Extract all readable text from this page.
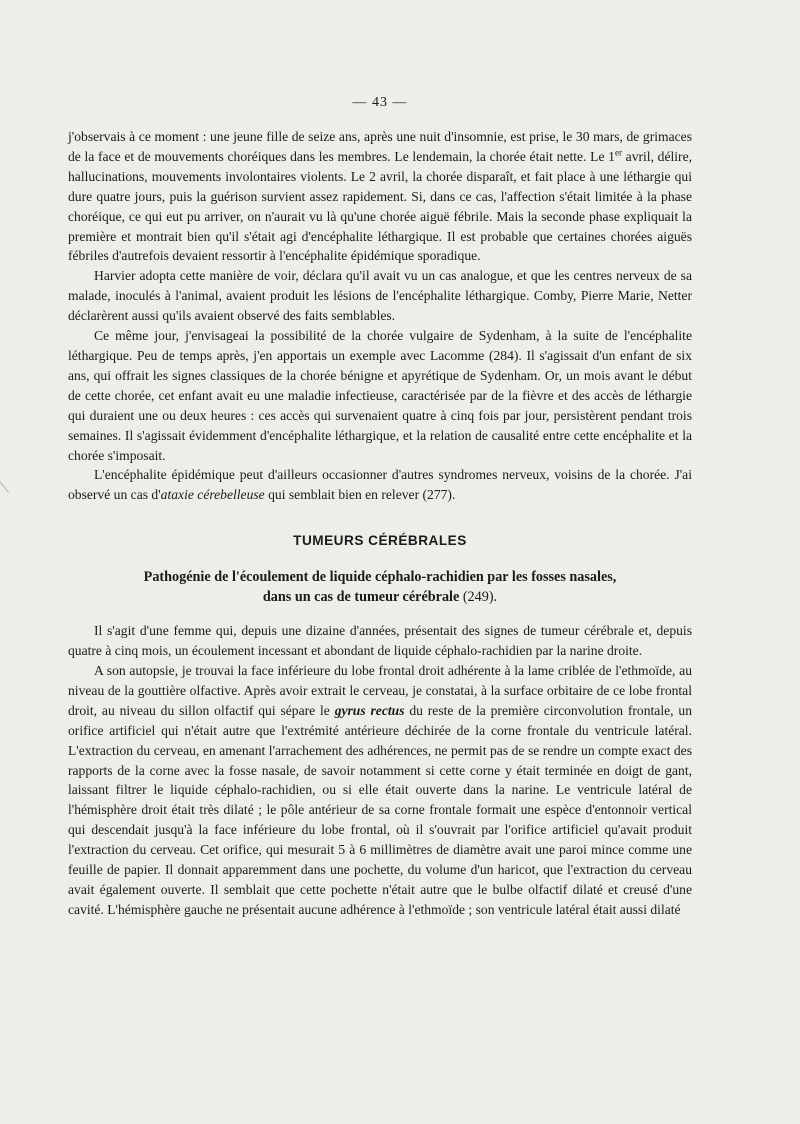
— 43 —

j'observais à ce moment : une jeune fille de seize ans, après une nuit d'insomnie, est prise, le 30 mars, de grimaces de la face et de mouvements choréiques dans les membres. Le lendemain, la chorée était nette. Le 1er avril, délire, hallucinations, mouvements involontaires violents. Le 2 avril, la chorée disparaît, et fait place à une léthargie qui dure quatre jours, puis la guérison survient assez rapidement. Si, dans ce cas, l'affection s'était limitée à la phase choréique, ce qui eut pu arriver, on n'aurait vu là qu'une chorée aiguë fébrile. Mais la seconde phase expliquait la première et montrait bien qu'il s'était agi d'encéphalite léthargique. Il est probable que certaines chorées aiguës fébriles d'autrefois devaient ressortir à l'encéphalite épidémique sporadique.

Harvier adopta cette manière de voir, déclara qu'il avait vu un cas analogue, et que les centres nerveux de sa malade, inoculés à l'animal, avaient produit les lésions de l'encéphalite léthargique. Comby, Pierre Marie, Netter déclarèrent aussi qu'ils avaient observé des faits semblables.

Ce même jour, j'envisageai la possibilité de la chorée vulgaire de Sydenham, à la suite de l'encéphalite léthargique. Peu de temps après, j'en apportais un exemple avec Lacomme (284). Il s'agissait d'un enfant de six ans, qui offrait les signes classiques de la chorée bénigne et apyrétique de Sydenham. Or, un mois avant le début de cette chorée, cet enfant avait eu une maladie infectieuse, caractérisée par de la fièvre et des accès de léthargie qui duraient une ou deux heures : ces accès qui survenaient quatre à cinq fois par jour, persistèrent pendant trois semaines. Il s'agissait évidemment d'encéphalite léthargique, et la relation de causalité entre cette encéphalite et la chorée s'imposait.

L'encéphalite épidémique peut d'ailleurs occasionner d'autres syndromes nerveux, voisins de la chorée. J'ai observé un cas d'ataxie cérebelleuse qui semblait bien en relever (277).

TUMEURS CÉRÉBRALES
Pathogénie de l'écoulement de liquide céphalo-rachidien par les fosses nasales,
dans un cas de tumeur cérébrale (249).

Il s'agit d'une femme qui, depuis une dizaine d'années, présentait des signes de tumeur cérébrale et, depuis quatre à cinq mois, un écoulement incessant et abondant de liquide céphalo-rachidien par la narine droite.

A son autopsie, je trouvai la face inférieure du lobe frontal droit adhérente à la lame criblée de l'ethmoïde, au niveau de la gouttière olfactive. Après avoir extrait le cerveau, je constatai, à la surface orbitaire de ce lobe frontal droit, au niveau du sillon olfactif qui sépare le gyrus rectus du reste de la première circonvolution frontale, un orifice artificiel qui n'était autre que l'extrémité antérieure déchirée de la corne frontale du ventricule latéral. L'extraction du cerveau, en amenant l'arrachement des adhérences, ne permit pas de se rendre un compte exact des rapports de la corne avec la fosse nasale, de savoir notamment si cette corne y était terminée en doigt de gant, laissant filtrer le liquide céphalo-rachidien, ou si elle était ouverte dans la narine. Le ventricule latéral de l'hémisphère droit était très dilaté ; le pôle antérieur de sa corne frontale formait une espèce d'entonnoir vertical qui descendait jusqu'à la face inférieure du lobe frontal, où il s'ouvrait par l'orifice artificiel qu'avait produit l'extraction du cerveau. Cet orifice, qui mesurait 5 à 6 millimètres de diamètre avait une paroi mince comme une feuille de papier. Il donnait apparemment dans une pochette, du volume d'un haricot, que l'extraction du cerveau avait également ouverte. Il semblait que cette pochette n'était autre que le bulbe olfactif dilaté et creusé d'une cavité. L'hémisphère gauche ne présentait aucune adhérence à l'ethmoïde ; son ventricule latéral était aussi dilaté
